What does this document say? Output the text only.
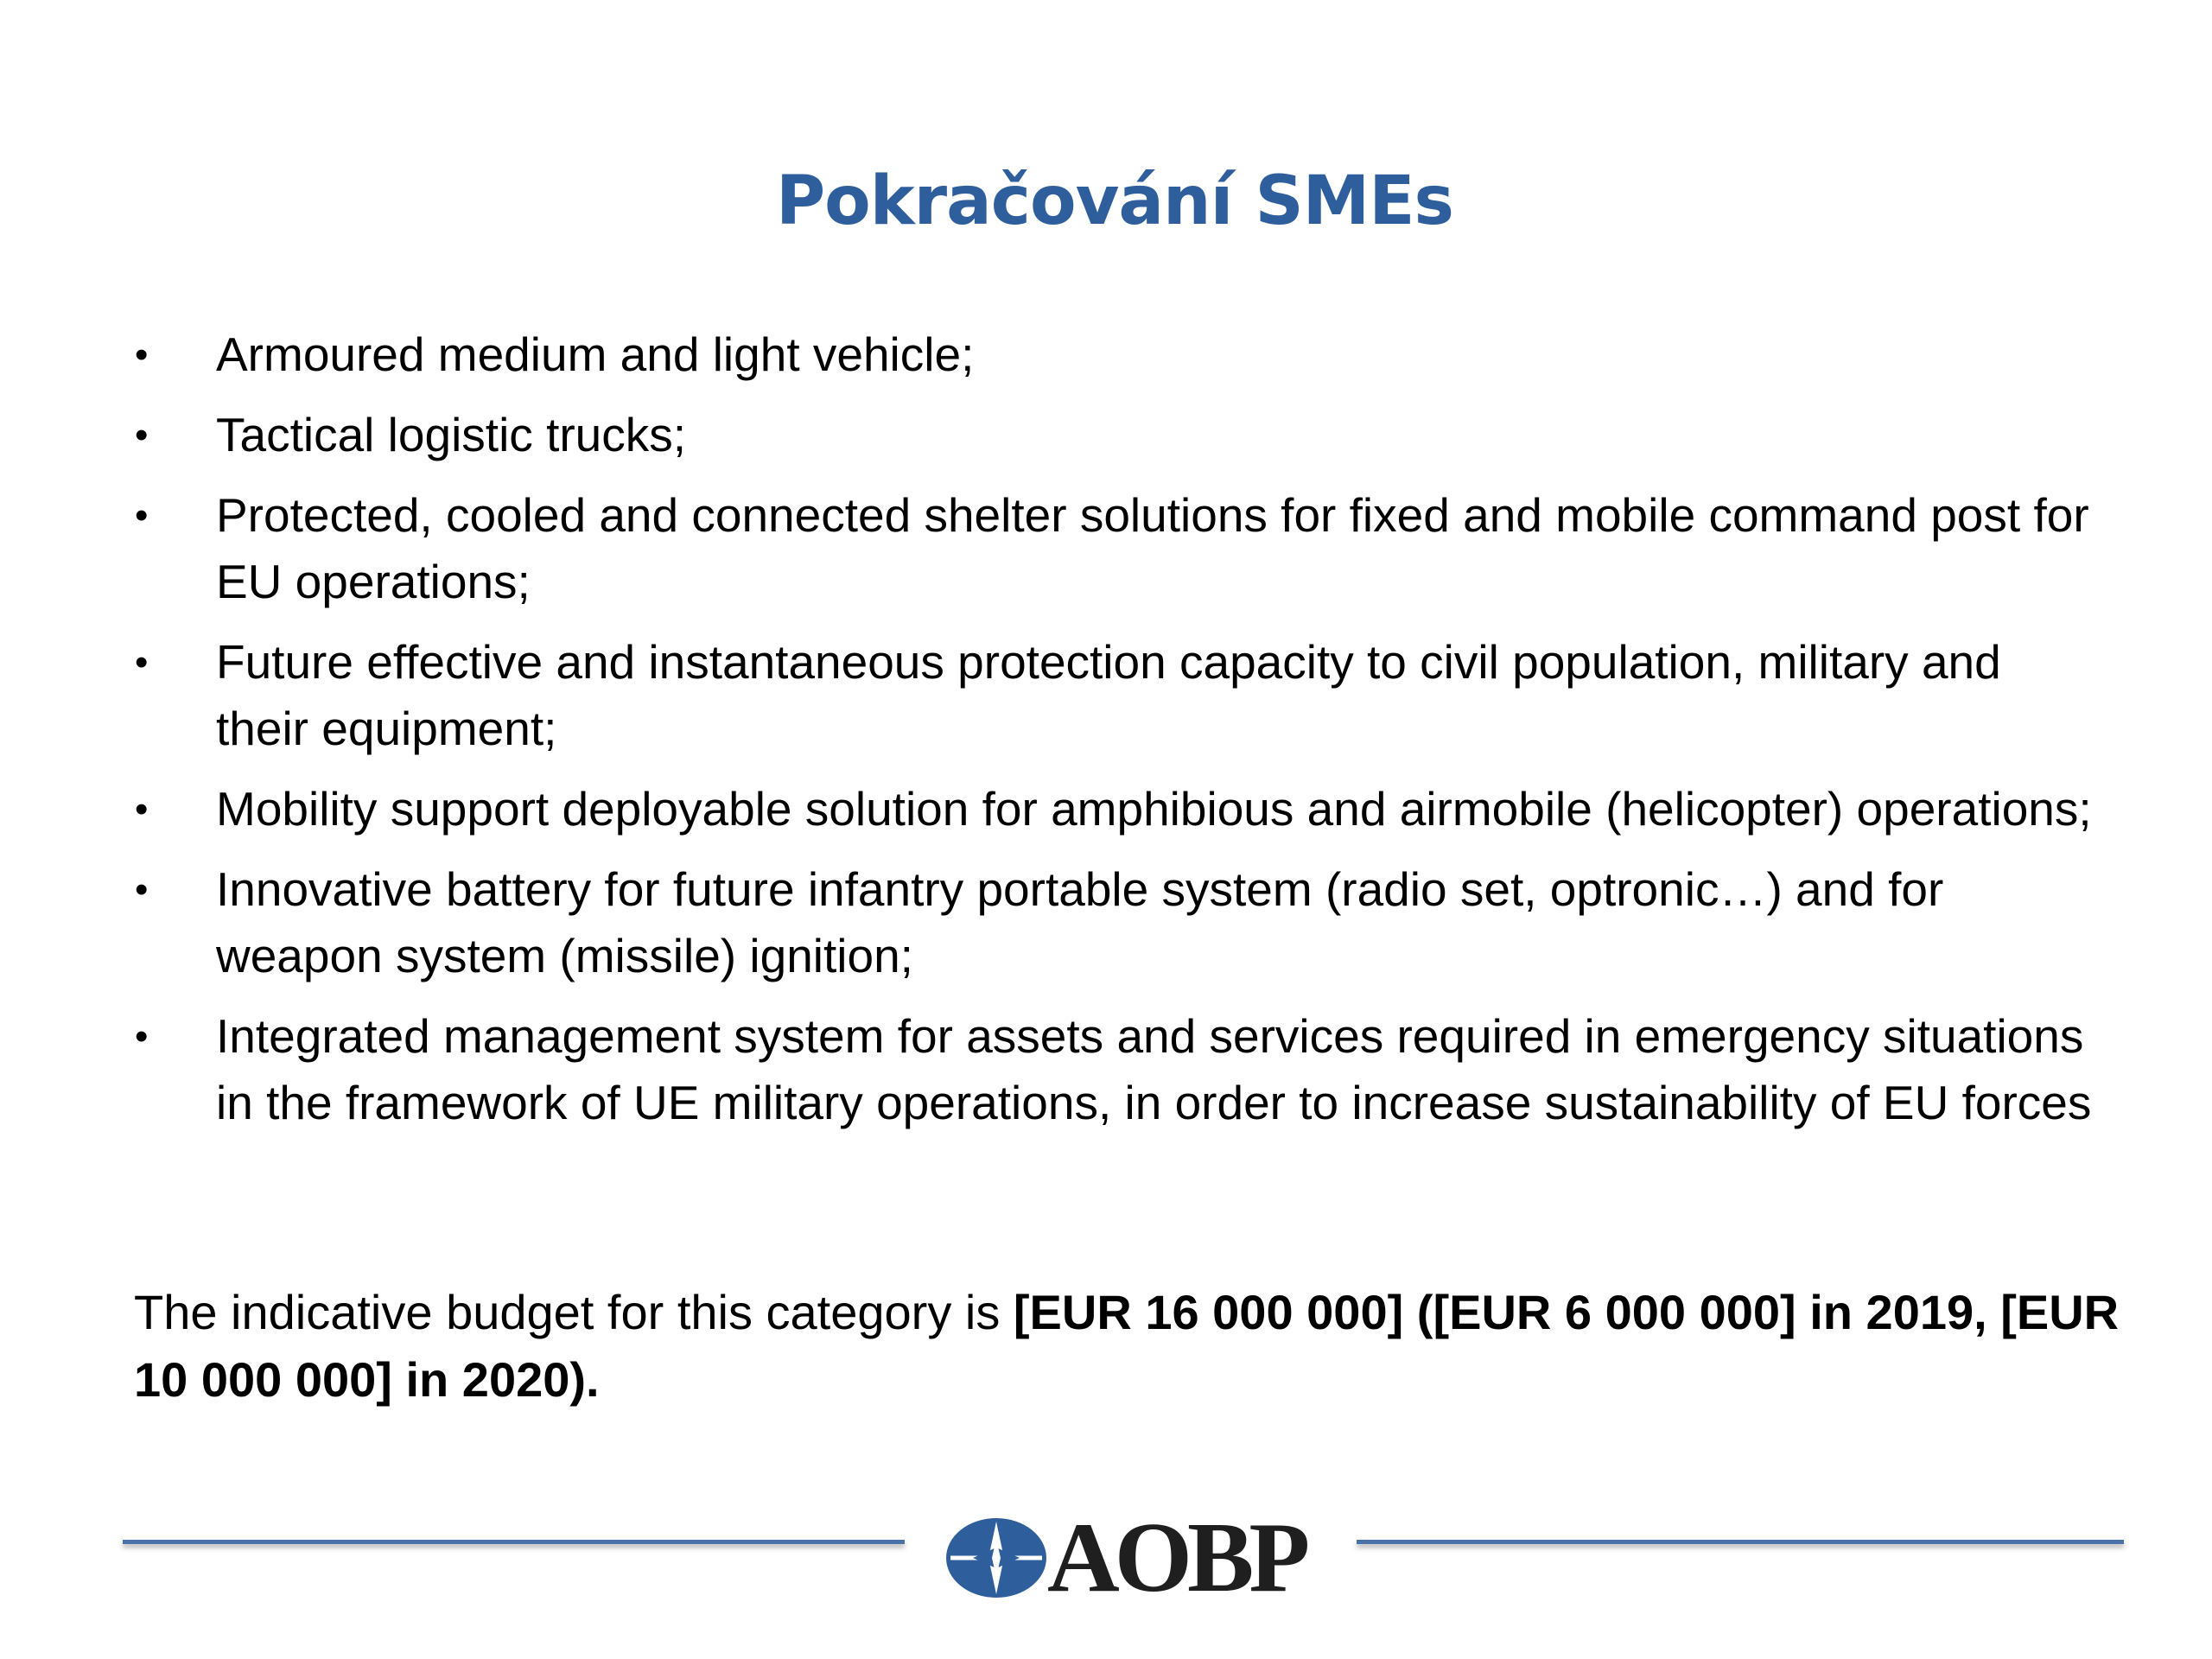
Pokračování SMEs
• Armoured medium and light vehicle;
• Tactical logistic trucks;
• Protected, cooled and connected shelter solutions for fixed and mobile command post for EU operations;
• Future effective and instantaneous protection capacity to civil population, military and their equipment;
• Mobility support deployable solution for amphibious and airmobile (helicopter) operations;
• Innovative battery for future infantry portable system (radio set, optronic…) and for weapon system (missile) ignition;
• Integrated management system for assets and services required in emergency situations in the framework of UE military operations, in order to increase sustainability of EU forces
The indicative budget for this category is [EUR 16 000 000] ([EUR 6 000 000] in 2019, [EUR 10 000 000] in 2020).
AOBP
